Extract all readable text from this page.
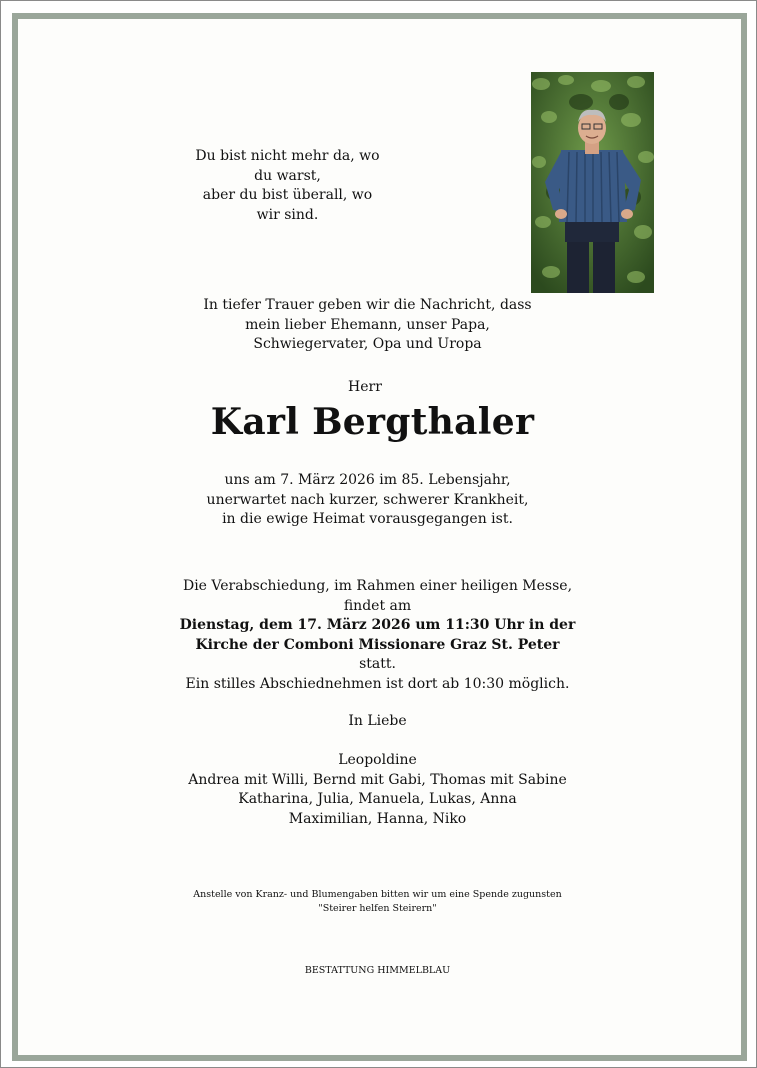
Du bist nicht mehr da, wo
du warst,
aber du bist überall, wo
wir sind.
In tiefer Trauer geben wir die Nachricht, dass
mein lieber Ehemann, unser Papa,
Schwiegervater, Opa und Uropa
Herr
Karl Bergthaler
uns am 7. März 2026 im 85. Lebensjahr,
unerwartet nach kurzer, schwerer Krankheit,
in die ewige Heimat vorausgegangen ist.
Die Verabschiedung, im Rahmen einer heiligen Messe,
findet am
Dienstag, dem 17. März 2026 um 11:30 Uhr in der
Kirche der Comboni Missionare Graz St. Peter
statt.
Ein stilles Abschiednehmen ist dort ab 10:30 möglich.
In Liebe
Leopoldine
Andrea mit Willi, Bernd mit Gabi, Thomas mit Sabine
Katharina, Julia, Manuela, Lukas, Anna
Maximilian, Hanna, Niko
Anstelle von Kranz- und Blumengaben bitten wir um eine Spende zugunsten
"Steirer helfen Steirern"
BESTATTUNG HIMMELBLAU
